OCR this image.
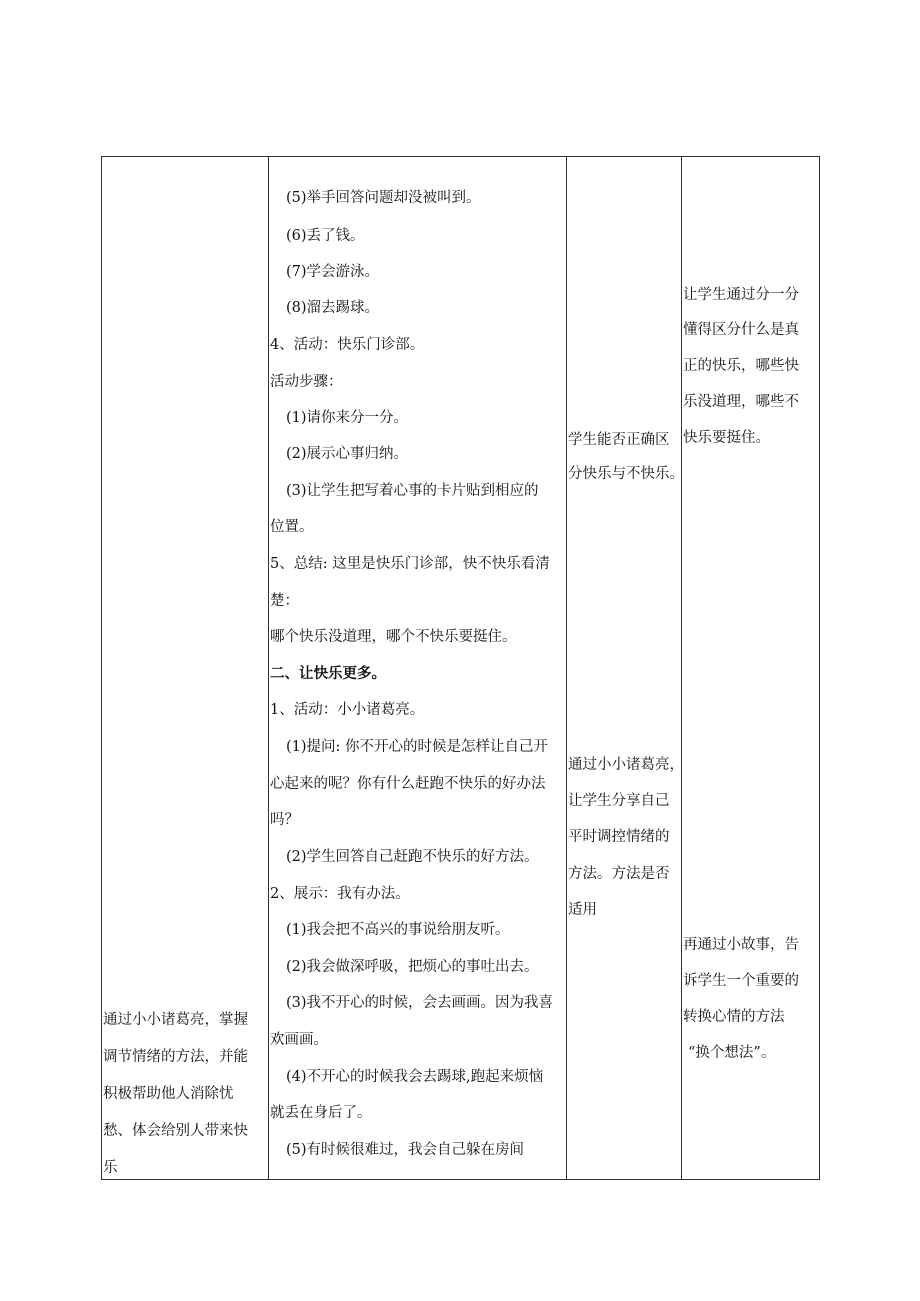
通过小小诸葛亮，掌握
调节情绪的方法，并能
积极帮助他人消除忧
愁、体会给别人带来快
乐
(5)举手回答问题却没被叫到。
(6)丢了钱。
(7)学会游泳。
(8)溜去踢球。
4、活动：快乐门诊部。
活动步骤：
(1)请你来分一分。
(2)展示心事归纳。
(3)让学生把写着心事的卡片贴到相应的
位置。
5、总结: 这里是快乐门诊部，快不快乐看清
楚：
哪个快乐没道理，哪个不快乐要挺住。
二、让快乐更多。
1、活动：小小诸葛亮。
(1)提问: 你不开心的时候是怎样让自己开
心起来的呢？你有什么赶跑不快乐的好办法
吗？
(2)学生回答自己赶跑不快乐的好方法。
2、展示：我有办法。
(1)我会把不高兴的事说给朋友听。
(2)我会做深呼吸，把烦心的事吐出去。
(3)我不开心的时候，会去画画。因为我喜
欢画画。
(4)不开心的时候我会去踢球,跑起来烦恼
就丢在身后了。
(5)有时候很难过，我会自己躲在房间
学生能否正确区
分快乐与不快乐。
通过小小诸葛亮，
让学生分享自己
平时调控情绪的
方法。方法是否
适用
让学生通过分一分
懂得区分什么是真
正的快乐，哪些快
乐没道理，哪些不
快乐要挺住。
再通过小故事，告
诉学生一个重要的
转换心情的方法
“换个想法”。
